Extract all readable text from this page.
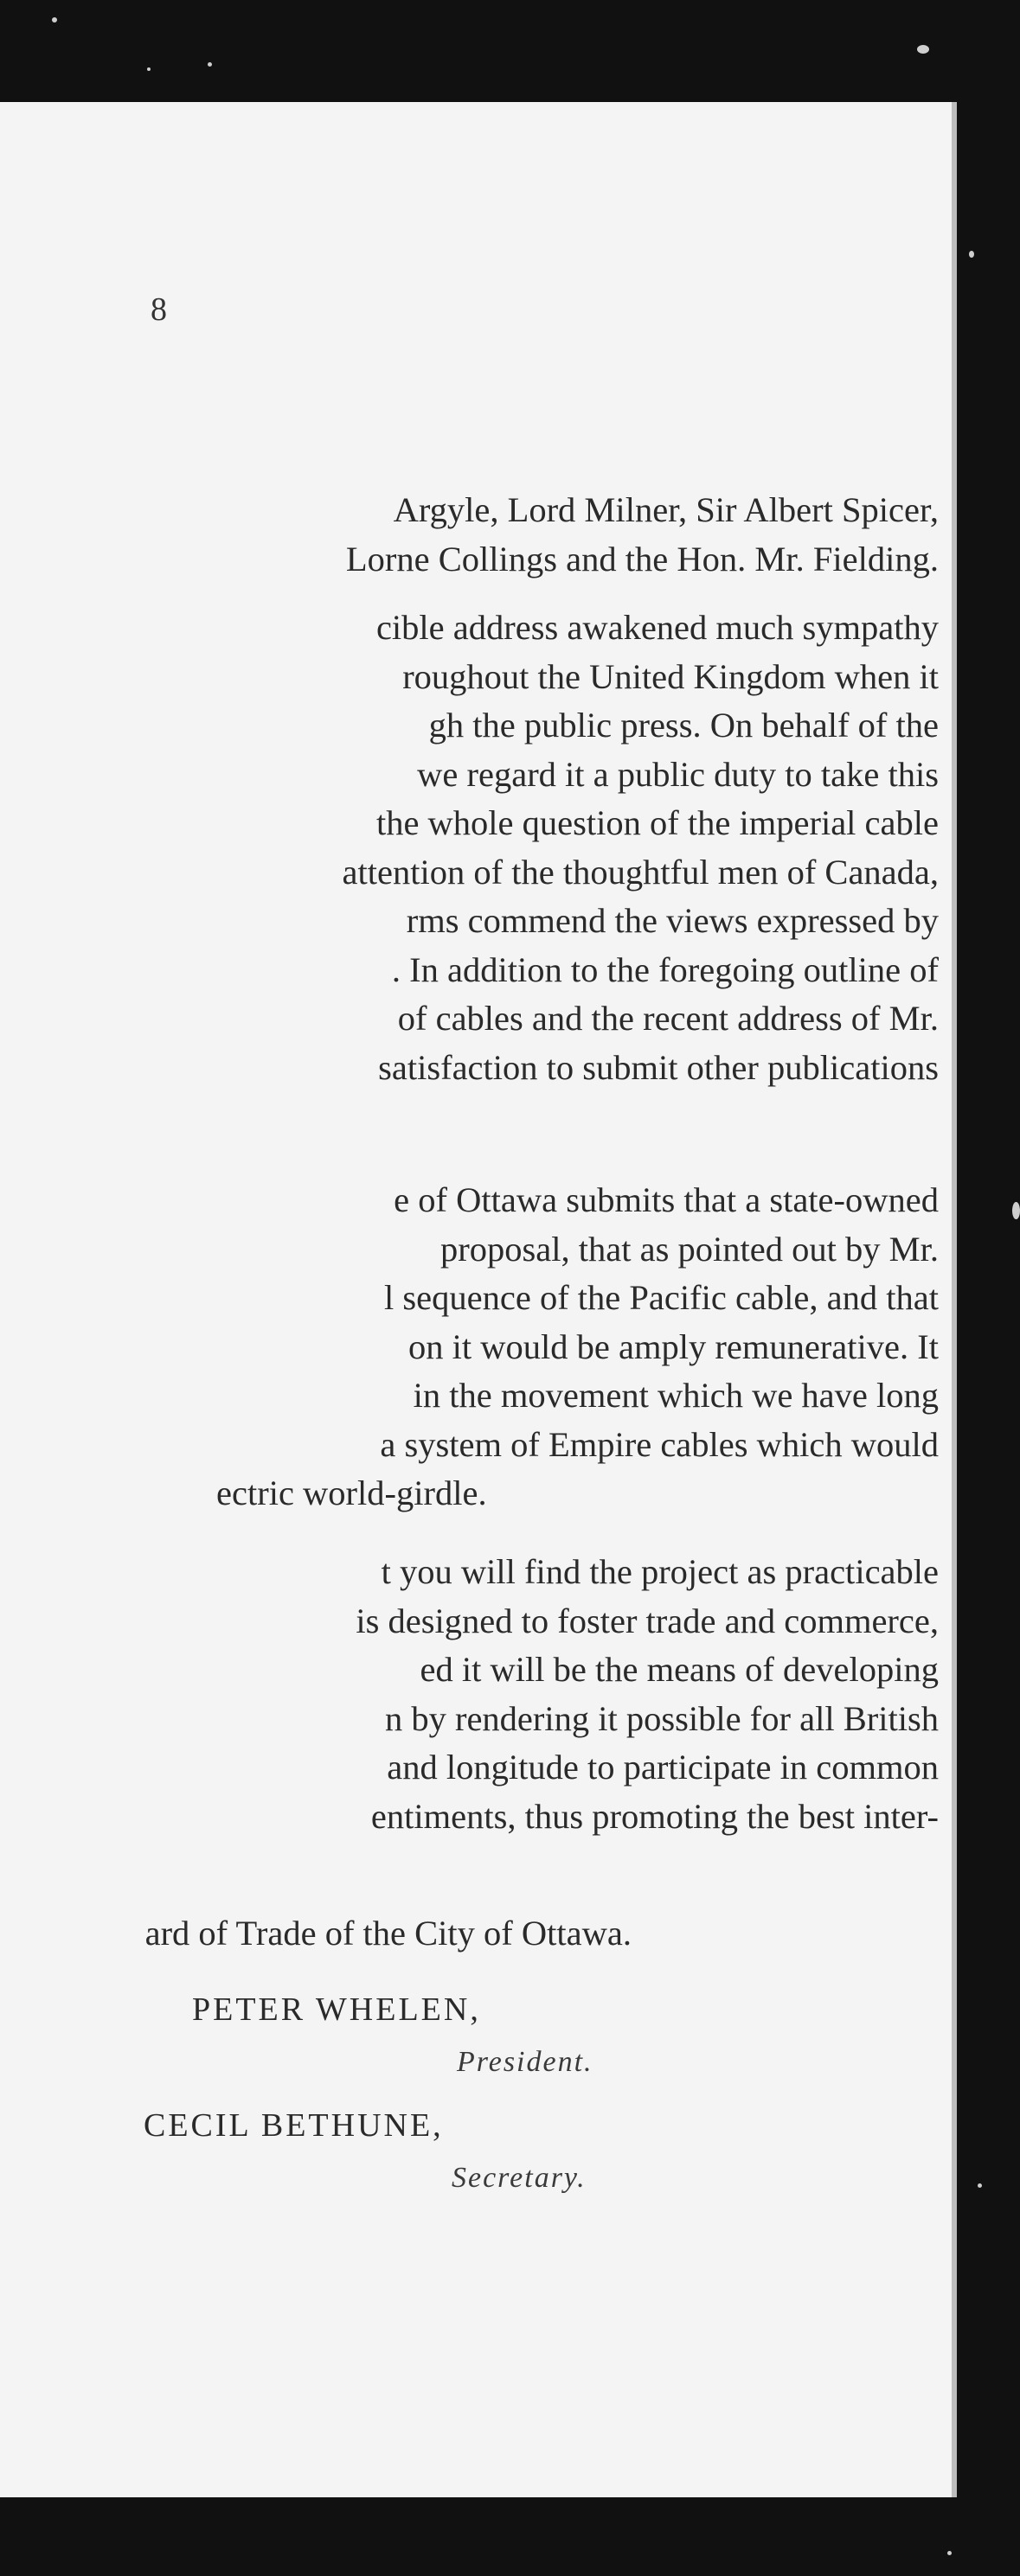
8
Argyle, Lord Milner, Sir Albert Spicer,
Lorne Collings and the Hon. Mr. Fielding.
cible address awakened much sympathy
roughout the United Kingdom when it
gh the public press. On behalf of the
we regard it a public duty to take this
the whole question of the imperial cable
attention of the thoughtful men of Canada,
rms commend the views expressed by
. In addition to the foregoing outline of
of cables and the recent address of Mr.
satisfaction to submit other publications
e of Ottawa submits that a state-owned
proposal, that as pointed out by Mr.
l sequence of the Pacific cable, and that
on it would be amply remunerative. It
in the movement which we have long
a system of Empire cables which would
ectric world-girdle.
t you will find the project as practicable
is designed to foster trade and commerce,
ed it will be the means of developing
n by rendering it possible for all British
and longitude to participate in common
entiments, thus promoting the best inter-
ard of Trade of the City of Ottawa.
PETER WHELEN,
President.
CECIL BETHUNE,
Secretary.
